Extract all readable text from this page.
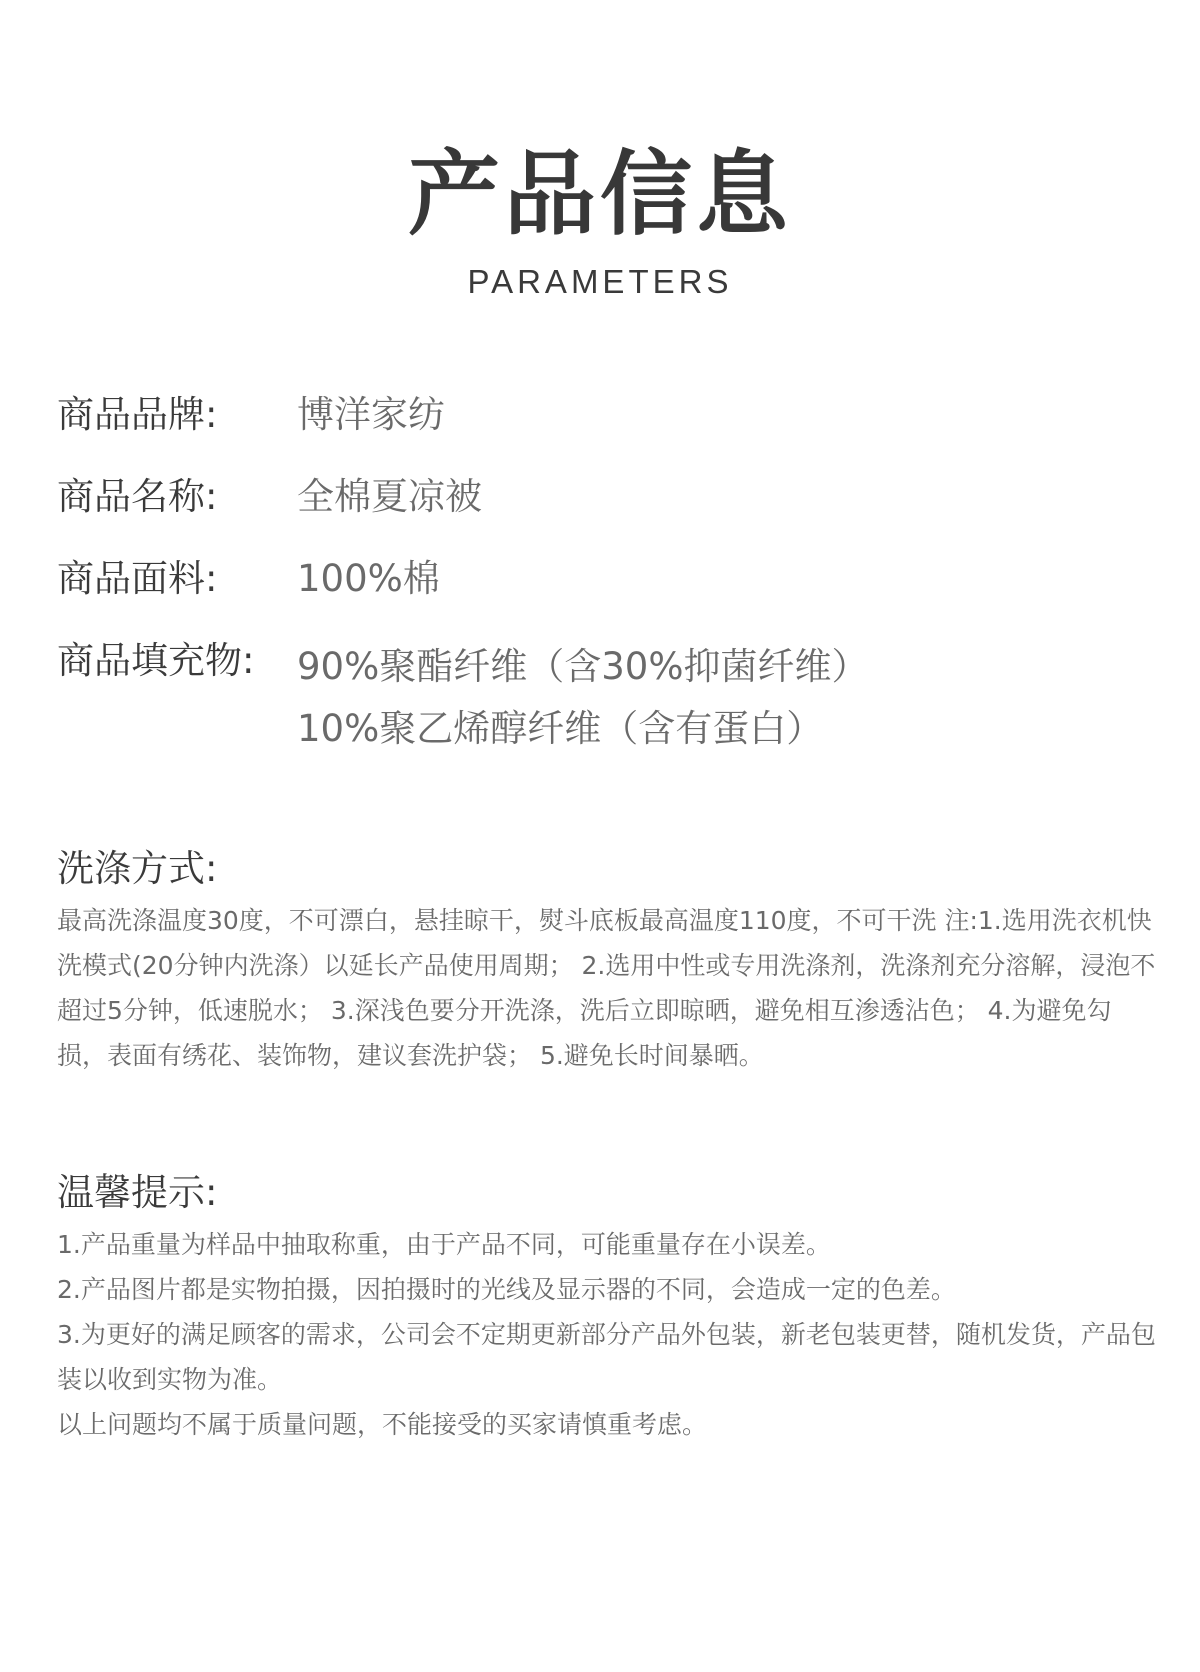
产品信息
PARAMETERS
商品品牌:	博洋家纺
商品名称:	全棉夏凉被
商品面料:	100%棉
商品填充物:	90%聚酯纤维（含30%抑菌纤维）
10%聚乙烯醇纤维（含有蛋白）
洗涤方式:
最高洗涤温度30度，不可漂白，悬挂晾干，熨斗底板最高温度110度，不可干洗 注:1.选用洗衣机快洗模式(20分钟内洗涤）以延长产品使用周期； 2.选用中性或专用洗涤剂，洗涤剂充分溶解，浸泡不超过5分钟，低速脱水； 3.深浅色要分开洗涤，洗后立即晾晒，避免相互渗透沾色； 4.为避免勾损，表面有绣花、装饰物，建议套洗护袋； 5.避免长时间暴晒。
温馨提示:
1.产品重量为样品中抽取称重，由于产品不同，可能重量存在小误差。
2.产品图片都是实物拍摄，因拍摄时的光线及显示器的不同，会造成一定的色差。
3.为更好的满足顾客的需求，公司会不定期更新部分产品外包装，新老包装更替，随机发货，产品包装以收到实物为准。
以上问题均不属于质量问题，不能接受的买家请慎重考虑。
